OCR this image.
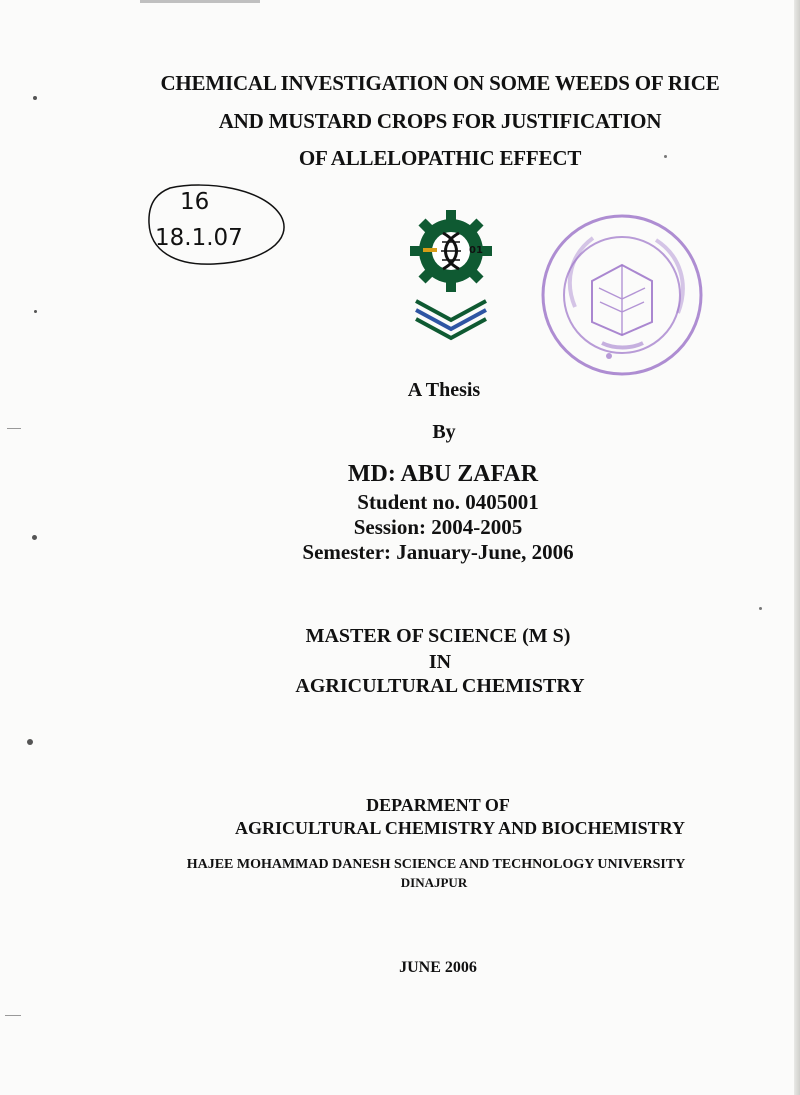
CHEMICAL INVESTIGATION ON SOME WEEDS OF RICE
AND MUSTARD CROPS FOR JUSTIFICATION
OF ALLELOPATHIC EFFECT
16
18.1.07	01
A Thesis
By
MD: ABU ZAFAR
Student no. 0405001
Session: 2004-2005
Semester: January-June, 2006
MASTER OF SCIENCE (M S)
IN
AGRICULTURAL CHEMISTRY
DEPARMENT OF
AGRICULTURAL CHEMISTRY AND BIOCHEMISTRY
HAJEE MOHAMMAD DANESH SCIENCE AND TECHNOLOGY UNIVERSITY
DINAJPUR
JUNE 2006
